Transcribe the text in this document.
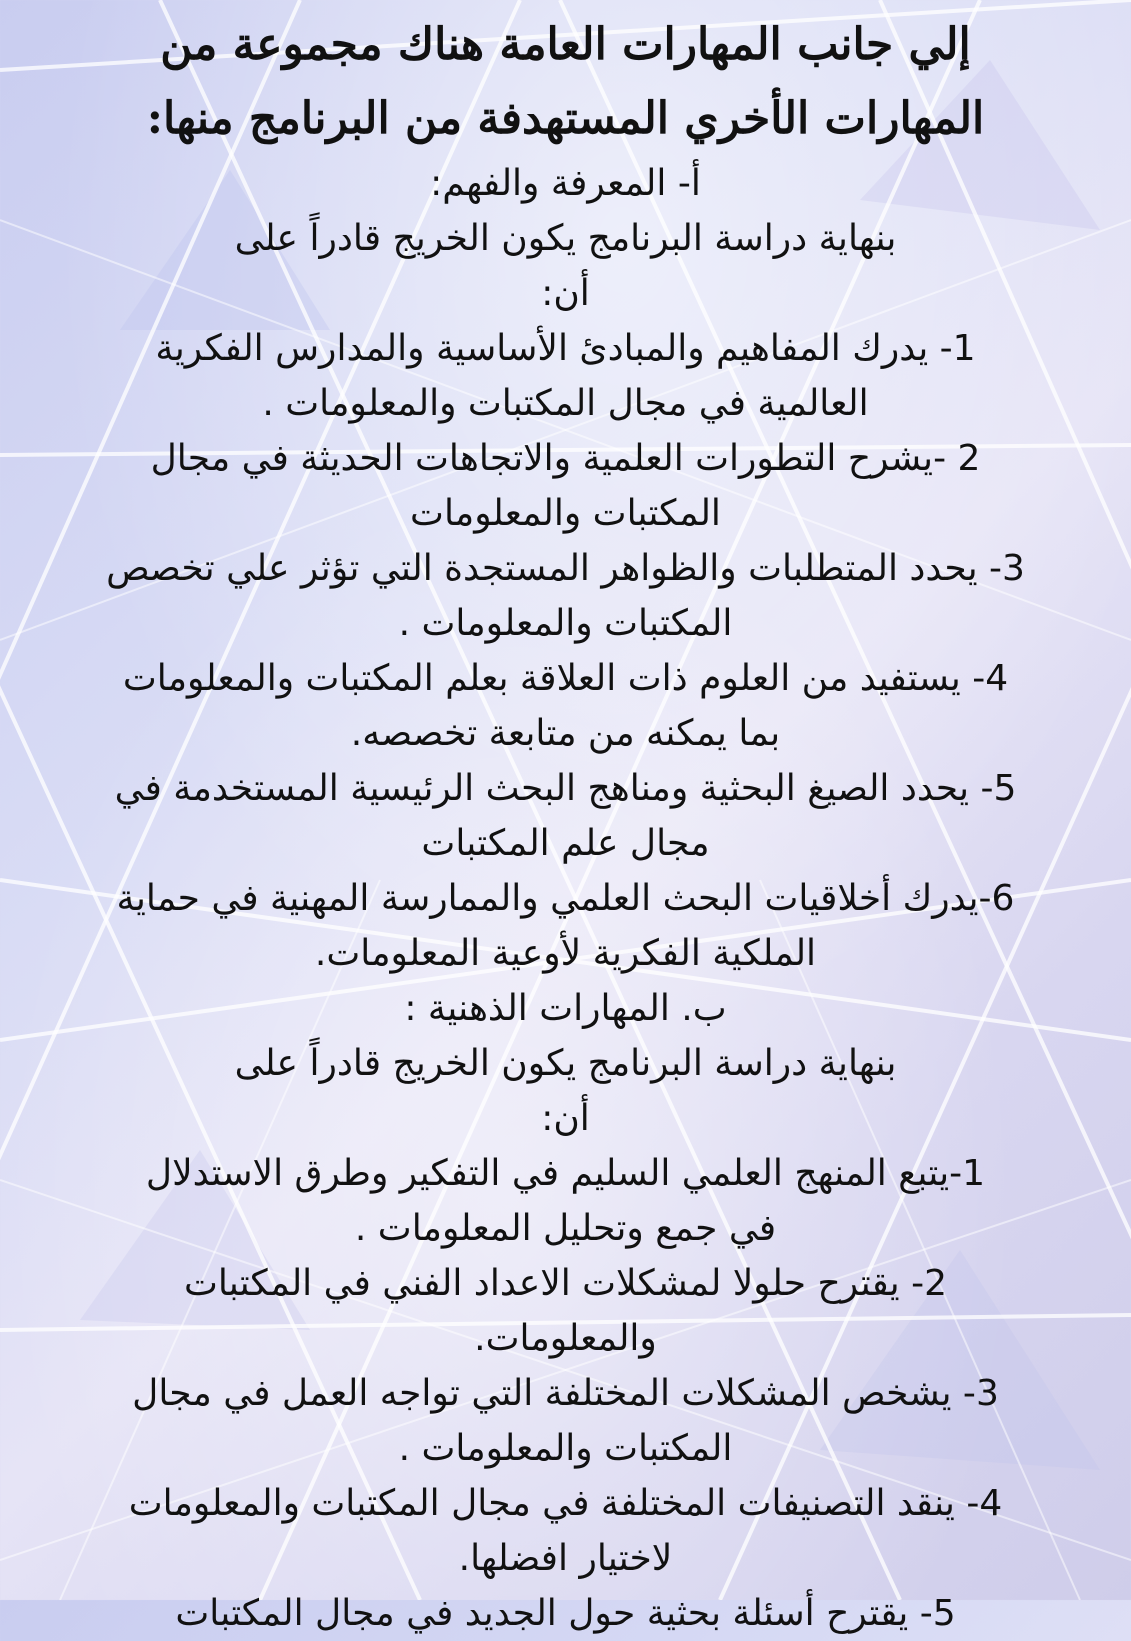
إلي جانب المهارات العامة هناك مجموعة من
المهارات الأخري المستهدفة من البرنامج منها:
أ- المعرفة والفهم:
بنهاية دراسة البرنامج يكون الخريج قادراً على
أن:
1- يدرك المفاهيم والمبادئ الأساسية والمدارس الفكرية
العالمية في مجال المكتبات والمعلومات .
2 -يشرح التطورات العلمية والاتجاهات الحديثة في مجال
المكتبات والمعلومات
3- يحدد المتطلبات والظواهر المستجدة التي تؤثر علي تخصص
المكتبات والمعلومات .
4- يستفيد من العلوم ذات العلاقة بعلم المكتبات والمعلومات
بما يمكنه من متابعة تخصصه.
5- يحدد الصيغ البحثية ومناهج البحث الرئيسية المستخدمة في
مجال علم المكتبات
6-يدرك أخلاقيات البحث العلمي والممارسة المهنية في حماية
الملكية الفكرية لأوعية المعلومات.
ب. المهارات الذهنية :
بنهاية دراسة البرنامج يكون الخريج قادراً على
أن:
1-يتبع المنهج العلمي السليم في التفكير وطرق الاستدلال
في جمع وتحليل المعلومات .
2- يقترح حلولا لمشكلات الاعداد الفني في المكتبات
والمعلومات.
3- يشخص المشكلات المختلفة التي تواجه العمل في مجال
المكتبات والمعلومات .
4- ينقد التصنيفات المختلفة في مجال المكتبات والمعلومات
لاختيار افضلها.
5- يقترح أسئلة بحثية حول الجديد في مجال المكتبات
